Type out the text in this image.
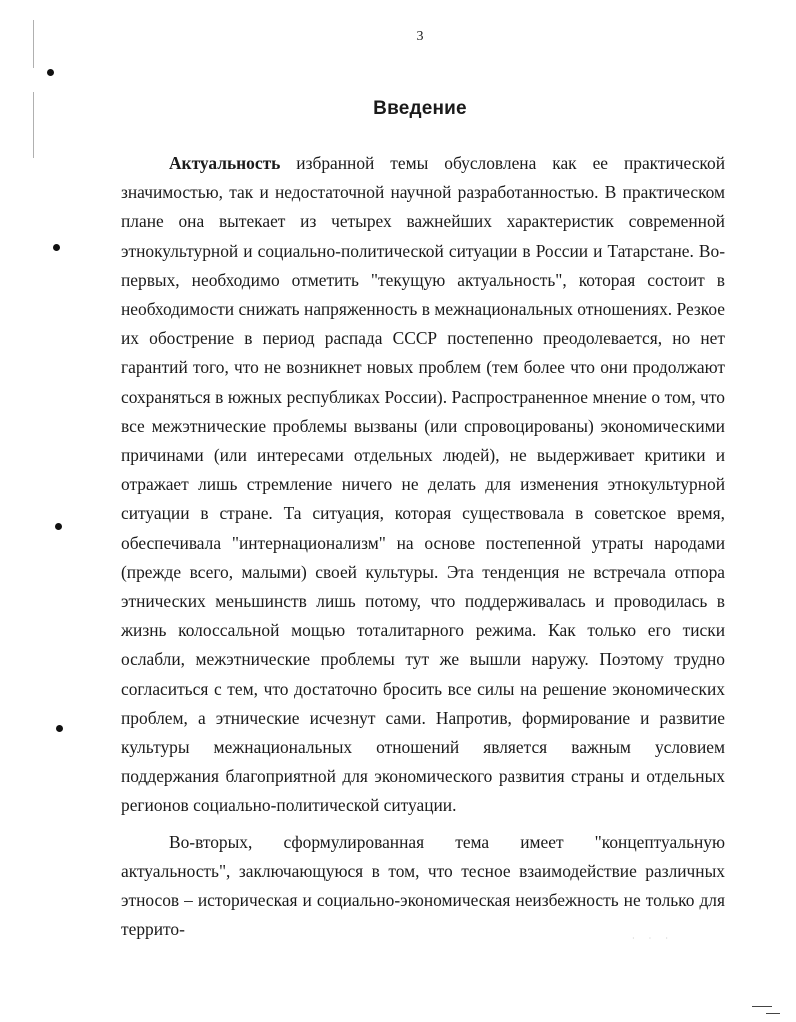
· · ·
3
Введение

Актуальность избранной темы обусловлена как ее практической значимостью, так и недостаточной научной разработанностью. В практическом плане она вытекает из четырех важнейших характеристик современной этнокультурной и социально-политической ситуации в России и Татарстане. Во-первых, необходимо отметить "текущую актуальность", которая состоит в необходимости снижать напряженность в межнациональных отношениях. Резкое их обострение в период распада СССР постепенно преодолевается, но нет гарантий того, что не возникнет новых проблем (тем более что они продолжают сохраняться в южных республиках России). Распространенное мнение о том, что все межэтнические проблемы вызваны (или спровоцированы) экономическими причинами (или интересами отдельных людей), не выдерживает критики и отражает лишь стремление ничего не делать для изменения этнокультурной ситуации в стране. Та ситуация, которая существовала в советское время, обеспечивала "интернационализм" на основе постепенной утраты народами (прежде всего, малыми) своей культуры. Эта тенденция не встречала отпора этнических меньшинств лишь потому, что поддерживалась и проводилась в жизнь колоссальной мощью тоталитарного режима. Как только его тиски ослабли, межэтнические проблемы тут же вышли наружу. Поэтому трудно согласиться с тем, что достаточно бросить все силы на решение экономических проблем, а этнические исчезнут сами. Напротив, формирование и развитие культуры межнациональных отношений является важным условием поддержания благоприятной для экономического развития страны и отдельных регионов социально-политической ситуации.

Во-вторых, сформулированная тема имеет "концептуальную актуальность", заключающуюся в том, что тесное взаимодействие различных этносов – историческая и социально-экономическая неизбежность не только для террито-
